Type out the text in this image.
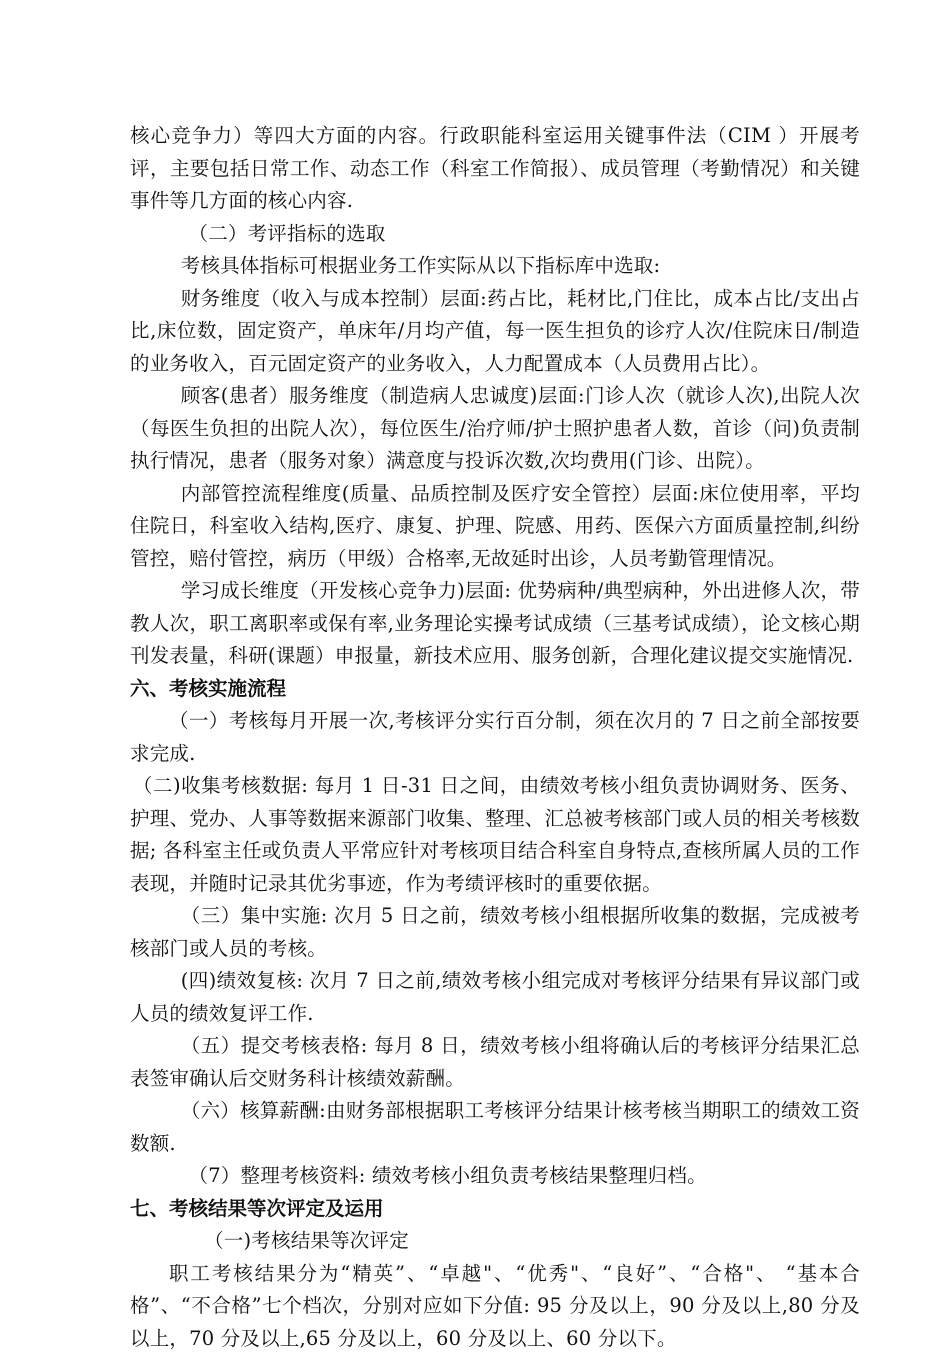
核心竞争力）等四大方面的内容。行政职能科室运用关键事件法（CIM ）开展考评，主要包括日常工作、动态工作（科室工作简报）、成员管理（考勤情况）和关键事件等几方面的核心内容.

（二）考评指标的选取

考核具体指标可根据业务工作实际从以下指标库中选取:

财务维度（收入与成本控制）层面:药占比，耗材比,门住比，成本占比/支出占比,床位数，固定资产，单床年/月均产值，每一医生担负的诊疗人次/住院床日/制造的业务收入，百元固定资产的业务收入，人力配置成本（人员费用占比）。

顾客(患者）服务维度（制造病人忠诚度)层面:门诊人次（就诊人次),出院人次（每医生负担的出院人次），每位医生/治疗师/护士照护患者人数，首诊（问)负责制执行情况，患者（服务对象）满意度与投诉次数,次均费用(门诊、出院）。

内部管控流程维度(质量、品质控制及医疗安全管控）层面:床位使用率，平均住院日，科室收入结构,医疗、康复、护理、院感、用药、医保六方面质量控制,纠纷管控，赔付管控，病历（甲级）合格率,无故延时出诊，人员考勤管理情况。

学习成长维度（开发核心竞争力)层面: 优势病种/典型病种，外出进修人次，带教人次，职工离职率或保有率,业务理论实操考试成绩（三基考试成绩），论文核心期刊发表量，科研(课题）申报量，新技术应用、服务创新，合理化建议提交实施情况.

六、考核实施流程

（一）考核每月开展一次,考核评分实行百分制，须在次月的 7 日之前全部按要求完成.

（二)收集考核数据: 每月 1 日-31 日之间，由绩效考核小组负责协调财务、医务、护理、党办、人事等数据来源部门收集、整理、汇总被考核部门或人员的相关考核数据; 各科室主任或负责人平常应针对考核项目结合科室自身特点,查核所属人员的工作表现，并随时记录其优劣事迹，作为考绩评核时的重要依据。

（三）集中实施: 次月 5 日之前，绩效考核小组根据所收集的数据，完成被考核部门或人员的考核。

(四)绩效复核: 次月 7 日之前,绩效考核小组完成对考核评分结果有异议部门或人员的绩效复评工作.

（五）提交考核表格: 每月 8 日，绩效考核小组将确认后的考核评分结果汇总表签审确认后交财务科计核绩效薪酬。

（六）核算薪酬:由财务部根据职工考核评分结果计核考核当期职工的绩效工资数额.

（7）整理考核资料: 绩效考核小组负责考核结果整理归档。

七、考核结果等次评定及运用

（一)考核结果等次评定

职工考核结果分为“精英”、“卓越"、“优秀"、“良好”、“合格"、 “基本合格”、“不合格”七个档次，分别对应如下分值: 95 分及以上，90 分及以上,80 分及以上，70 分及以上,65 分及以上，60 分及以上、60 分以下。
